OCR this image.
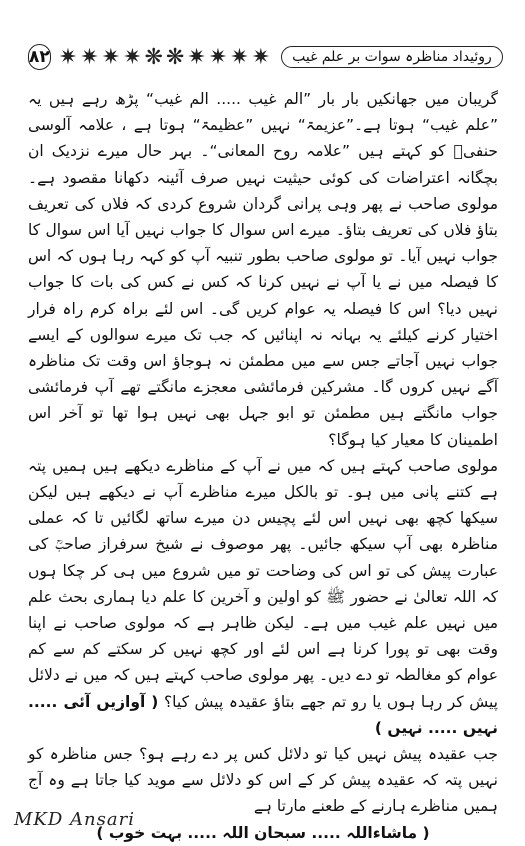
۸۲ ✷✷✷✷❋❋✷✷✷✷	روئیداد مناظرہ سوات بر علم غیب

گریبان میں جھانکیں بار بار ”الم غیب ..... الم غیب“ پڑھ رہے ہیں یہ ”علم غیب“ ہوتا ہے۔”عزیمۃ“ نہیں ”عظیمۃ“ ہوتا ہے ، علامہ آلوسی حنفیؒ کو کہتے ہیں ”علامہ روح المعانی“۔ بہر حال میرے نزدیک ان بچگانہ اعتراضات کی کوئی حیثیت نہیں صرف آئینہ دکھانا مقصود ہے۔ مولوی صاحب نے پھر وہی پرانی گردان شروع کردی کہ فلاں کی تعریف بتاؤ فلاں کی تعریف بتاؤ۔ میرے اس سوال کا جواب نہیں آیا اس سوال کا جواب نہیں آیا۔ تو مولوی صاحب بطور تنبیہ آپ کو کہہ رہا ہوں کہ اس کا فیصلہ میں نے یا آپ نے نہیں کرنا کہ کس نے کس کی بات کا جواب نہیں دیا؟ اس کا فیصلہ یہ عوام کریں گی۔ اس لئے براہ کرم راہ فرار اختیار کرنے کیلئے یہ بہانہ نہ اپنائیں کہ جب تک میرے سوالوں کے ایسے جواب نہیں آجاتے جس سے میں مطمئن نہ ہوجاؤ اس وقت تک مناظرہ آگے نہیں کروں گا۔ مشرکین فرمائشی معجزے مانگتے تھے آپ فرمائشی جواب مانگتے ہیں مطمئن تو ابو جہل بھی نہیں ہوا تھا تو آخر اس اطمینان کا معیار کیا ہوگا؟

مولوی صاحب کہتے ہیں کہ میں نے آپ کے مناظرے دیکھے ہیں ہمیں پتہ ہے کتنے پانی میں ہو۔ تو بالکل میرے مناظرے آپ نے دیکھے ہیں لیکن سیکھا کچھ بھی نہیں اس لئے پچیس دن میرے ساتھ لگائیں تا کہ عملی مناظرہ بھی آپ سیکھ جائیں۔ پھر موصوف نے شیخ سرفراز صاحبؒ کی عبارت پیش کی تو اس کی وضاحت تو میں شروع میں ہی کر چکا ہوں کہ اللہ تعالیٰ نے حضور ﷺ کو اولین و آخرین کا علم دیا ہماری بحث علم میں نہیں علم غیب میں ہے۔ لیکن ظاہر ہے کہ مولوی صاحب نے اپنا وقت بھی تو پورا کرنا ہے اس لئے اور کچھ نہیں کر سکتے کم سے کم عوام کو مغالطہ تو دے دیں۔ پھر مولوی صاحب کہتے ہیں کہ میں نے دلائل پیش کر رہا ہوں یا رو تم جھے بتاؤ عقیدہ پیش کیا؟ ( آوازیں آئی ..... نہیں ..... نہیں )

جب عقیدہ پیش نہیں کیا تو دلائل کس پر دے رہے ہو؟ جس مناظرہ کو نہیں پتہ کہ عقیدہ پیش کر کے اس کو دلائل سے موید کیا جاتا ہے وہ آج ہمیں مناظرے ہارنے کے طعنے مارتا ہے

( ماشاءاللہ ..... سبحان اللہ ..... بہت خوب )

MKD Ansari
